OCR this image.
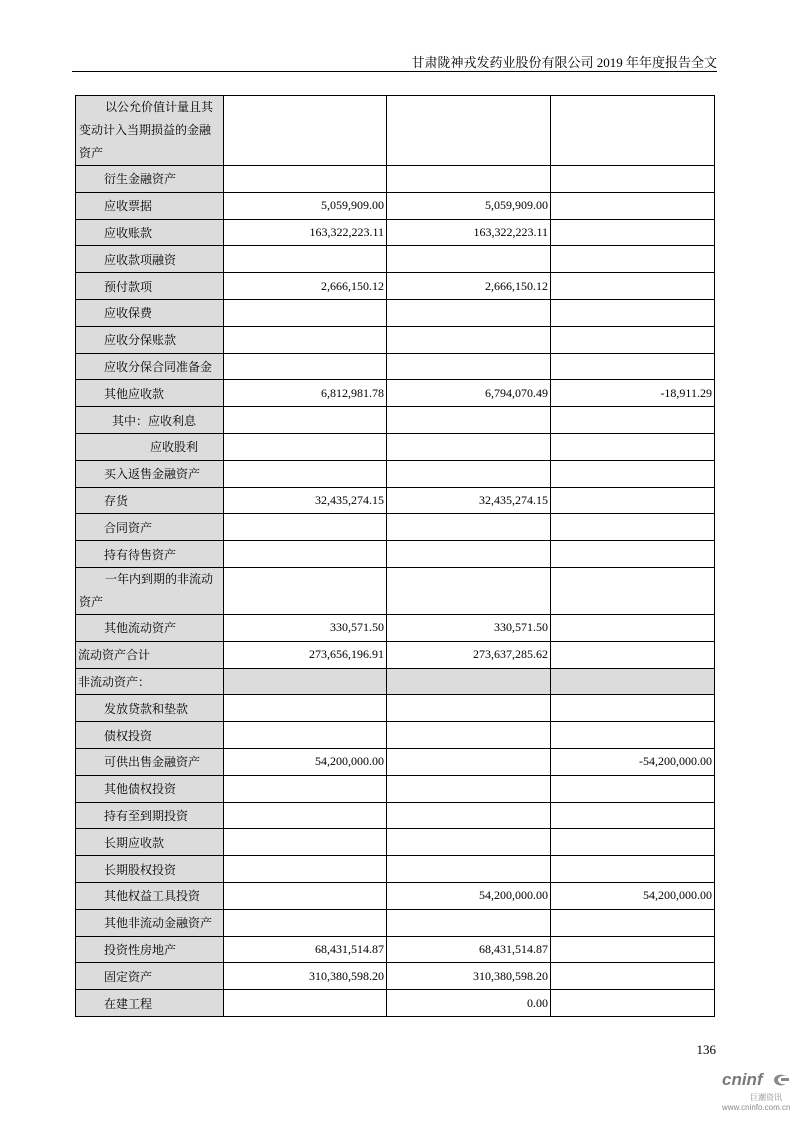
甘肃陇神戎发药业股份有限公司 2019 年年度报告全文
以公允价值计量且其变动计入当期损益的金融资产			
衍生金融资产			
应收票据	5,059,909.00	5,059,909.00	
应收账款	163,322,223.11	163,322,223.11	
应收款项融资			
预付款项	2,666,150.12	2,666,150.12	
应收保费			
应收分保账款			
应收分保合同准备金			
其他应收款	6,812,981.78	6,794,070.49	-18,911.29
其中：应收利息			
应收股利			
买入返售金融资产			
存货	32,435,274.15	32,435,274.15	
合同资产			
持有待售资产			
一年内到期的非流动资产			
其他流动资产	330,571.50	330,571.50	
流动资产合计	273,656,196.91	273,637,285.62	
非流动资产：			
发放贷款和垫款			
债权投资			
可供出售金融资产	54,200,000.00		-54,200,000.00
其他债权投资			
持有至到期投资			
长期应收款			
长期股权投资			
其他权益工具投资		54,200,000.00	54,200,000.00
其他非流动金融资产			
投资性房地产	68,431,514.87	68,431,514.87	
固定资产	310,380,598.20	310,380,598.20	
在建工程		0.00	
136
cninf
巨潮资讯
www.cninfo.com.cn
